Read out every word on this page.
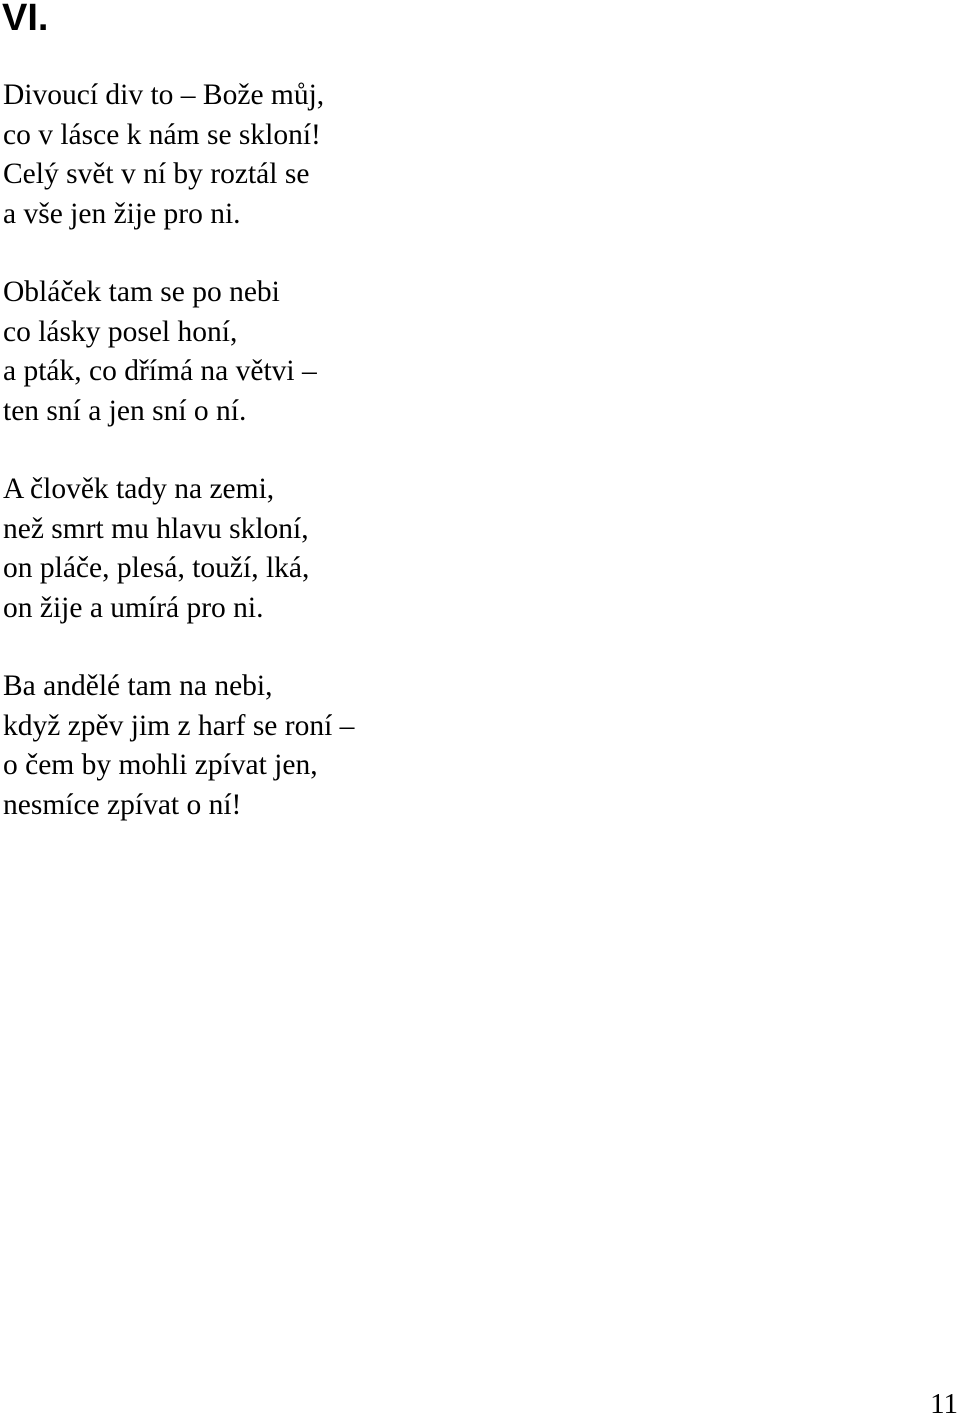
VI.
Divoucí div to – Bože můj,
co v lásce k nám se skloní!
Celý svět v ní by roztál se
a vše jen žije pro ni.
Obláček tam se po nebi
co lásky posel honí,
a pták, co dřímá na větvi –
ten sní a jen sní o ní.
A člověk tady na zemi,
než smrt mu hlavu skloní,
on pláče, plesá, touží, lká,
on žije a umírá pro ni.
Ba andělé tam na nebi,
když zpěv jim z harf se roní –
o čem by mohli zpívat jen,
nesmíce zpívat o ní!
11
